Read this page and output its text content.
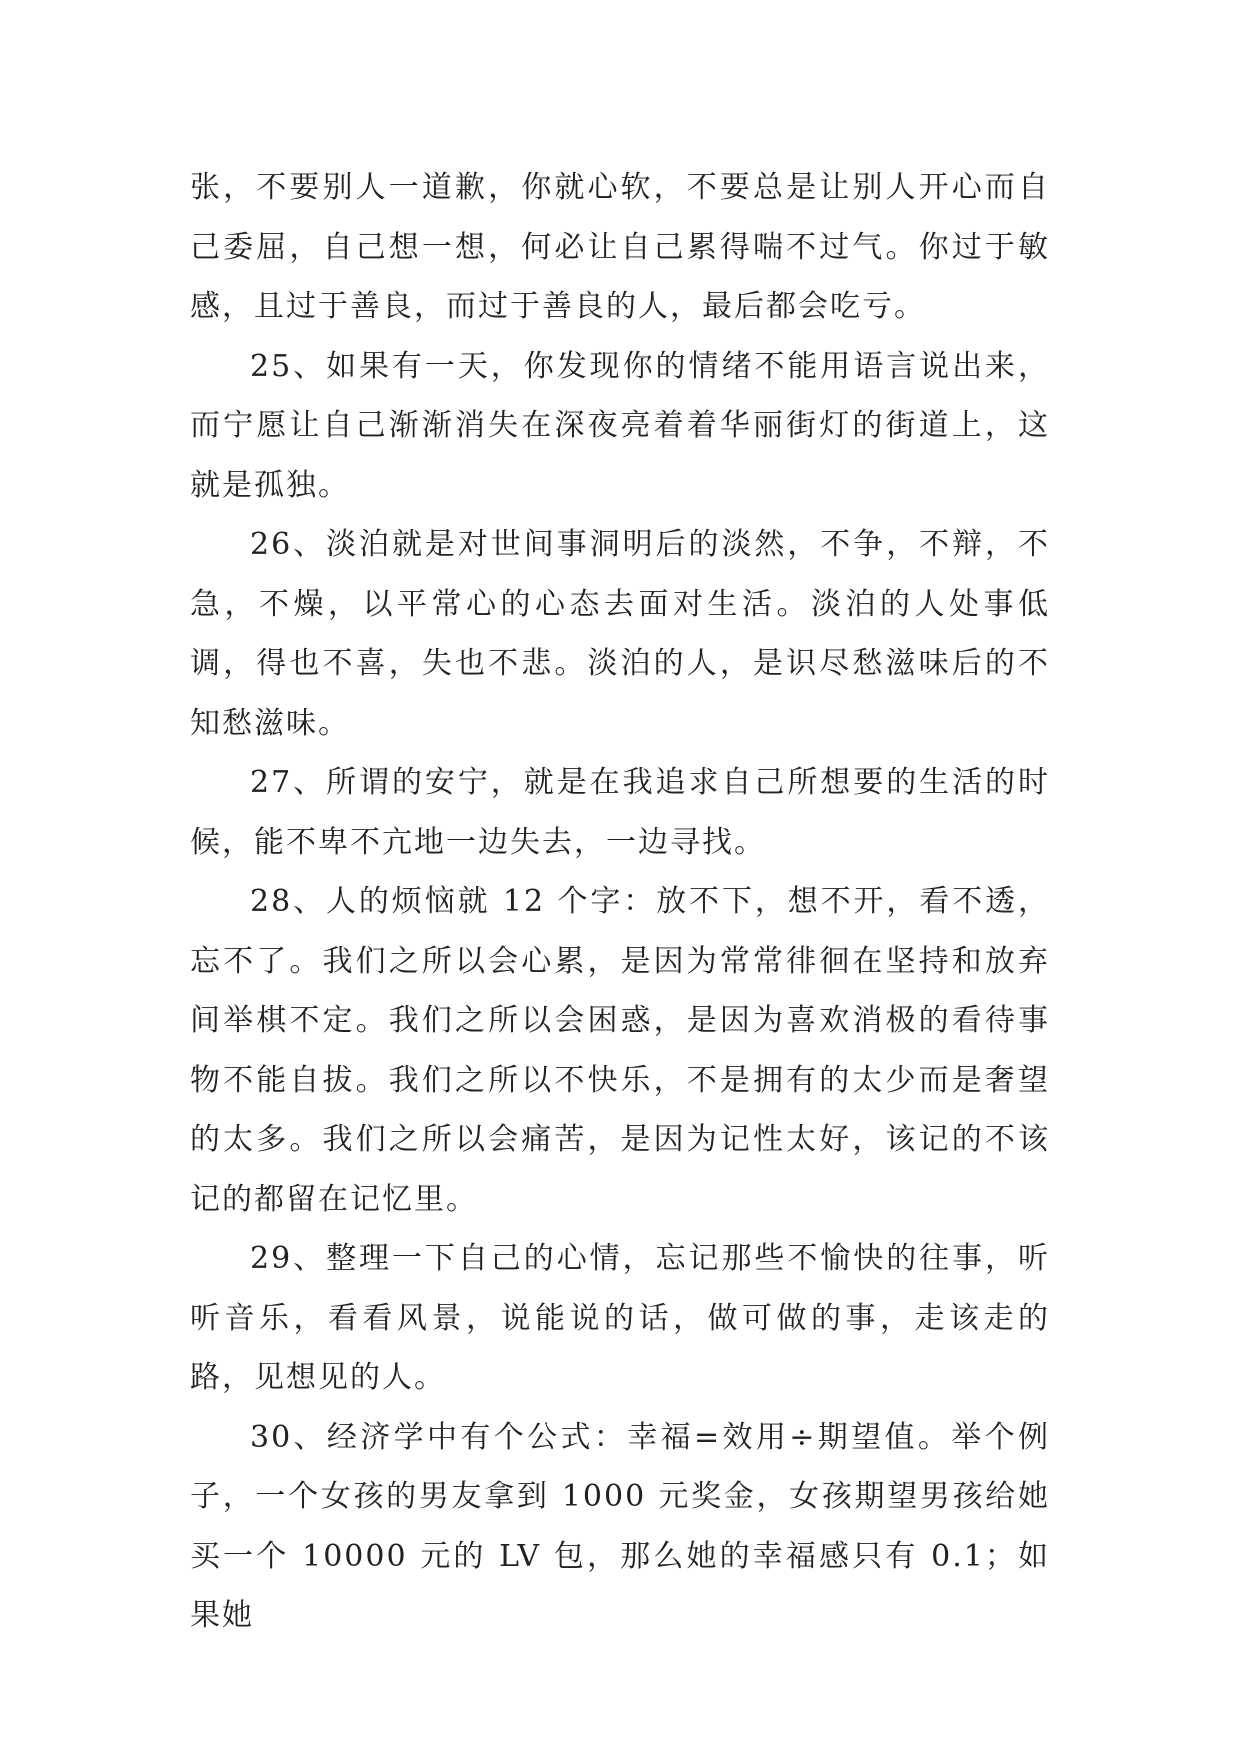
张，不要别人一道歉，你就心软，不要总是让别人开心而自己委屈，自己想一想，何必让自己累得喘不过气。你过于敏感，且过于善良，而过于善良的人，最后都会吃亏。

25、如果有一天，你发现你的情绪不能用语言说出来，而宁愿让自己渐渐消失在深夜亮着着华丽街灯的街道上，这就是孤独。

26、淡泊就是对世间事洞明后的淡然，不争，不辩，不急，不燥，以平常心的心态去面对生活。淡泊的人处事低调，得也不喜，失也不悲。淡泊的人，是识尽愁滋味后的不知愁滋味。

27、所谓的安宁，就是在我追求自己所想要的生活的时候，能不卑不亢地一边失去，一边寻找。

28、人的烦恼就 12 个字：放不下，想不开，看不透，忘不了。我们之所以会心累，是因为常常徘徊在坚持和放弃间举棋不定。我们之所以会困惑，是因为喜欢消极的看待事物不能自拔。我们之所以不快乐，不是拥有的太少而是奢望的太多。我们之所以会痛苦，是因为记性太好，该记的不该记的都留在记忆里。

29、整理一下自己的心情，忘记那些不愉快的往事，听听音乐，看看风景，说能说的话，做可做的事，走该走的路，见想见的人。

30、经济学中有个公式：幸福=效用÷期望值。举个例子，一个女孩的男友拿到 1000 元奖金，女孩期望男孩给她买一个 10000 元的 LV 包，那么她的幸福感只有 0.1；如果她
